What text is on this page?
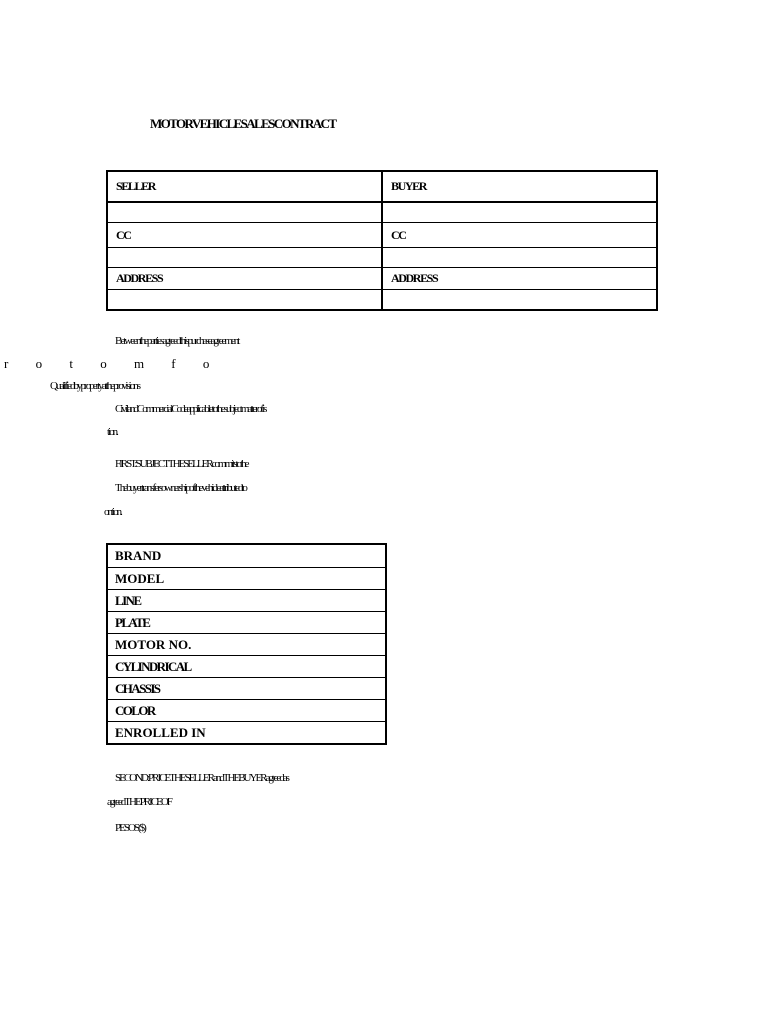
MOTORVEHICLESALESCONTRACT
SELLER	BUYER
CC	CC
ADDRESS	ADDRESS
Betweenthepartiesagreedthispurchaseagreement
r o t o m f o
Qualifiedbypropertyattheprovisions
CivilandCommercialCodeapplicabletothesubjectmatterofis
tion.
FIRST:SUBJECTTHESELLERcommitstothe
Thebuyertransfersownershipofthevehicleattributedto
ontion.
BRAND
MODEL
LINE
PLATE
MOTOR NO.
CYLINDRICAL
CHASSIS
COLOR
ENROLLED IN
SECOND:PRICETHESELLERandTHEBUYERagreedas
agreedTHEPRICEOF
PESOS($)
